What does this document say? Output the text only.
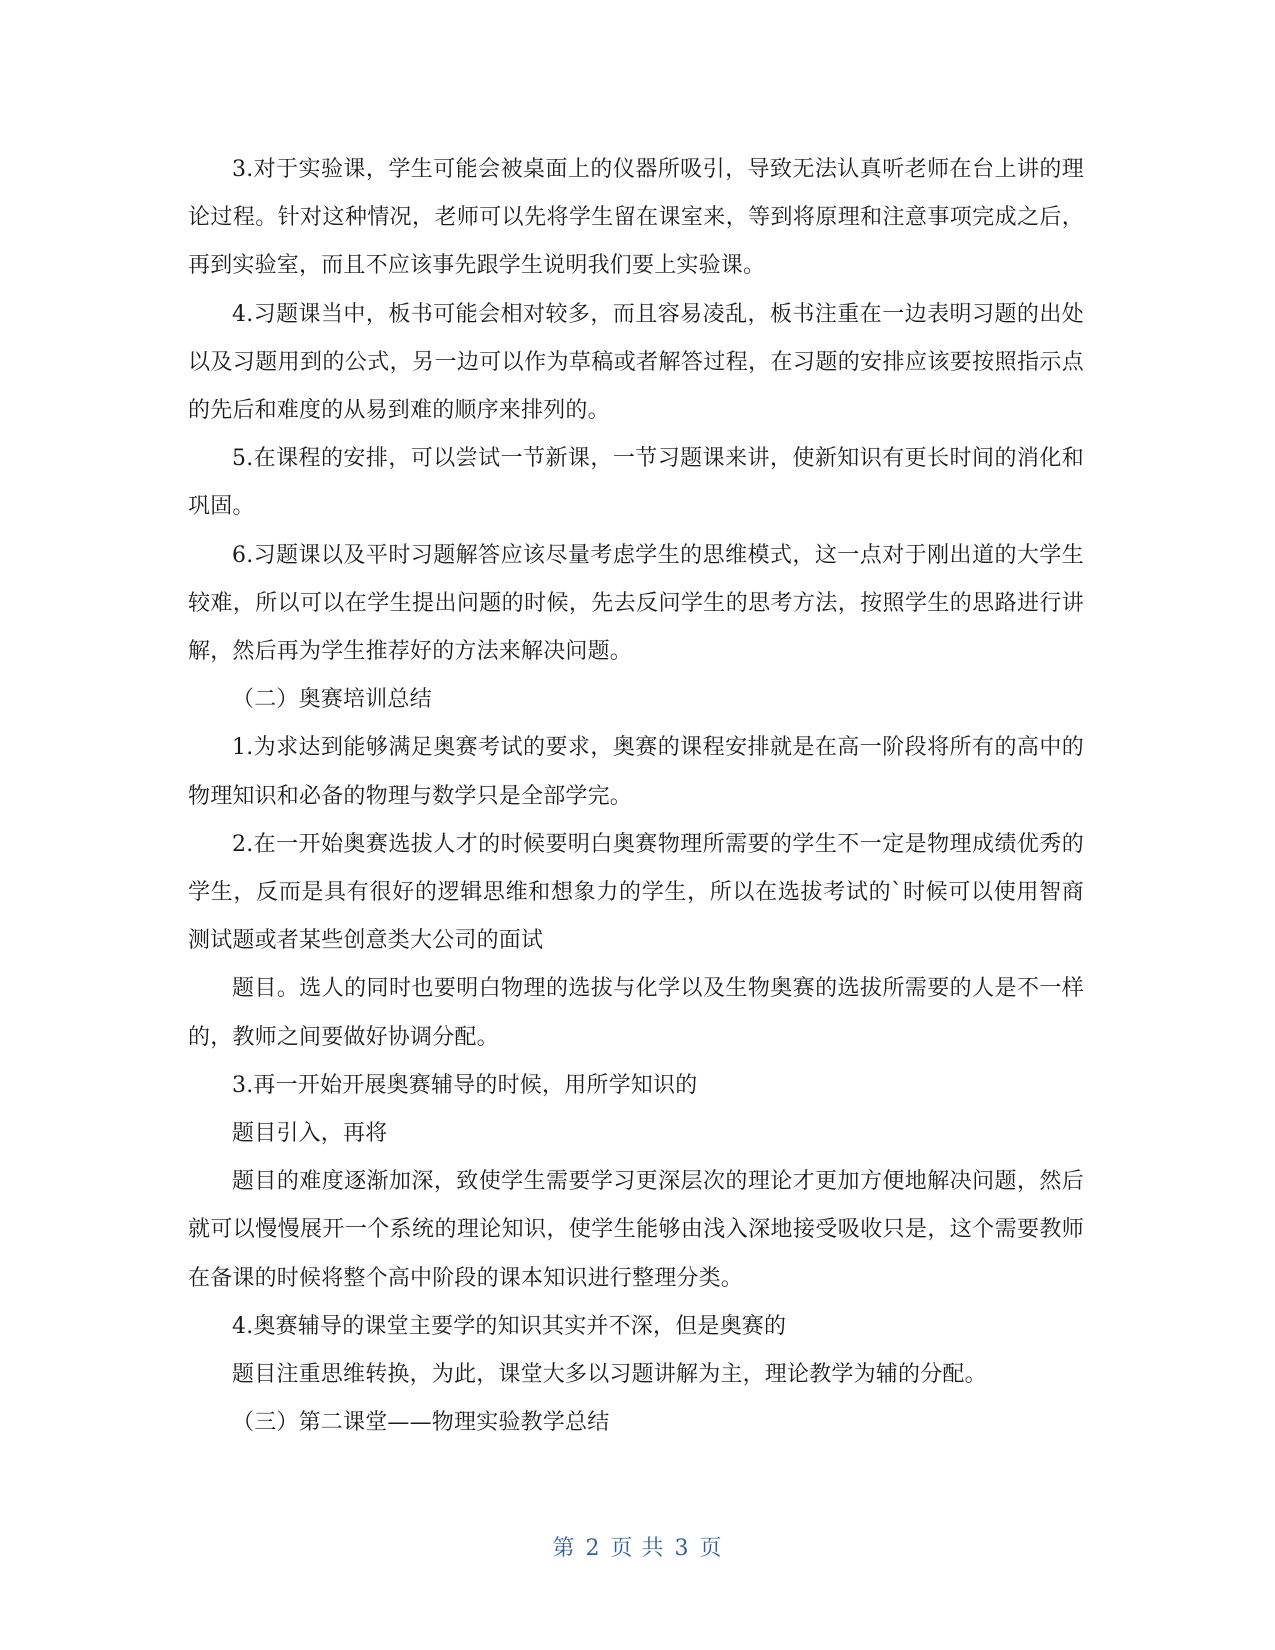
3.对于实验课，学生可能会被桌面上的仪器所吸引，导致无法认真听老师在台上讲的理论过程。针对这种情况，老师可以先将学生留在课室来，等到将原理和注意事项完成之后，再到实验室，而且不应该事先跟学生说明我们要上实验课。

4.习题课当中，板书可能会相对较多，而且容易凌乱，板书注重在一边表明习题的出处以及习题用到的公式，另一边可以作为草稿或者解答过程，在习题的安排应该要按照指示点的先后和难度的从易到难的顺序来排列的。

5.在课程的安排，可以尝试一节新课，一节习题课来讲，使新知识有更长时间的消化和巩固。

6.习题课以及平时习题解答应该尽量考虑学生的思维模式，这一点对于刚出道的大学生较难，所以可以在学生提出问题的时候，先去反问学生的思考方法，按照学生的思路进行讲解，然后再为学生推荐好的方法来解决问题。

（二）奥赛培训总结

1.为求达到能够满足奥赛考试的要求，奥赛的课程安排就是在高一阶段将所有的高中的物理知识和必备的物理与数学只是全部学完。

2.在一开始奥赛选拔人才的时候要明白奥赛物理所需要的学生不一定是物理成绩优秀的学生，反而是具有很好的逻辑思维和想象力的学生，所以在选拔考试的`时候可以使用智商测试题或者某些创意类大公司的面试

题目。选人的同时也要明白物理的选拔与化学以及生物奥赛的选拔所需要的人是不一样的，教师之间要做好协调分配。

3.再一开始开展奥赛辅导的时候，用所学知识的

题目引入，再将

题目的难度逐渐加深，致使学生需要学习更深层次的理论才更加方便地解决问题，然后就可以慢慢展开一个系统的理论知识，使学生能够由浅入深地接受吸收只是，这个需要教师在备课的时候将整个高中阶段的课本知识进行整理分类。

4.奥赛辅导的课堂主要学的知识其实并不深，但是奥赛的

题目注重思维转换，为此，课堂大多以习题讲解为主，理论教学为辅的分配。

（三）第二课堂——物理实验教学总结

第 2 页 共 3 页
